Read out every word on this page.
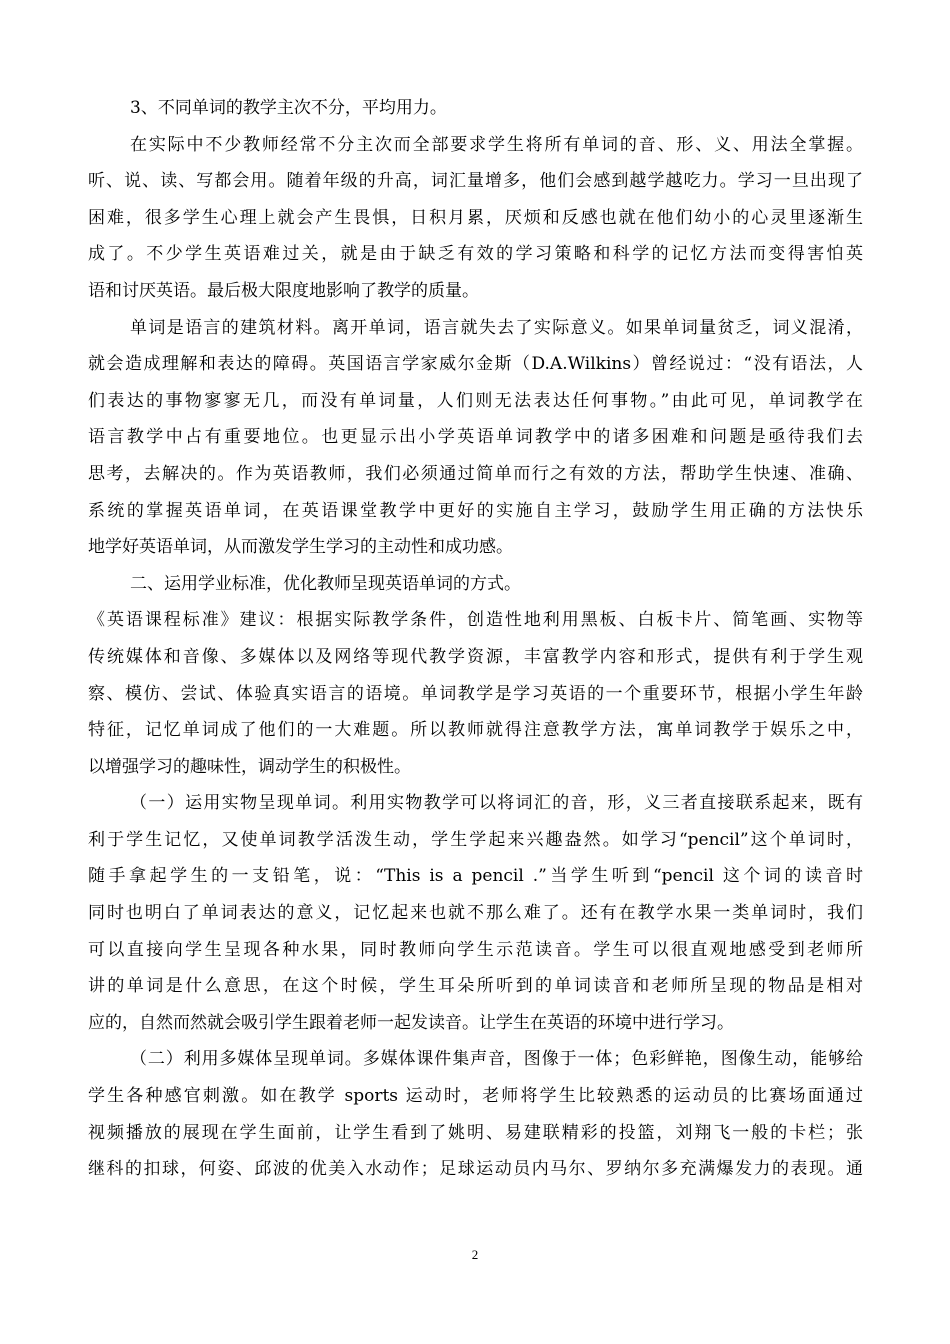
3、不同单词的教学主次不分，平均用力。
在实际中不少教师经常不分主次而全部要求学生将所有单词的音、形、义、用法全掌握。
听、说、读、写都会用。随着年级的升高，词汇量增多，他们会感到越学越吃力。学习一旦出现了
困难，很多学生心理上就会产生畏惧，日积月累，厌烦和反感也就在他们幼小的心灵里逐渐生
成了。不少学生英语难过关，就是由于缺乏有效的学习策略和科学的记忆方法而变得害怕英
语和讨厌英语。最后极大限度地影响了教学的质量。
单词是语言的建筑材料。离开单词，语言就失去了实际意义。如果单词量贫乏，词义混淆，
就会造成理解和表达的障碍。英国语言学家威尔金斯（D.A.Wilkins）曾经说过：“没有语法，人
们表达的事物寥寥无几，而没有单词量，人们则无法表达任何事物。”由此可见，单词教学在
语言教学中占有重要地位。也更显示出小学英语单词教学中的诸多困难和问题是亟待我们去
思考，去解决的。作为英语教师，我们必须通过简单而行之有效的方法，帮助学生快速、准确、
系统的掌握英语单词，在英语课堂教学中更好的实施自主学习，鼓励学生用正确的方法快乐
地学好英语单词，从而激发学生学习的主动性和成功感。
二、运用学业标准，优化教师呈现英语单词的方式。
《英语课程标准》建议：根据实际教学条件，创造性地利用黑板、白板卡片、简笔画、实物等
传统媒体和音像、多媒体以及网络等现代教学资源，丰富教学内容和形式，提供有利于学生观
察、模仿、尝试、体验真实语言的语境。单词教学是学习英语的一个重要环节，根据小学生年龄
特征，记忆单词成了他们的一大难题。所以教师就得注意教学方法，寓单词教学于娱乐之中，
以增强学习的趣味性，调动学生的积极性。
（一）运用实物呈现单词。利用实物教学可以将词汇的音，形，义三者直接联系起来，既有
利于学生记忆，又使单词教学活泼生动，学生学起来兴趣盎然。如学习“pencil”这个单词时，
随手拿起学生的一支铅笔，说：“This is a pencil .”当学生听到“pencil 这个词的读音时
同时也明白了单词表达的意义，记忆起来也就不那么难了。还有在教学水果一类单词时，我们
可以直接向学生呈现各种水果，同时教师向学生示范读音。学生可以很直观地感受到老师所
讲的单词是什么意思，在这个时候，学生耳朵所听到的单词读音和老师所呈现的物品是相对
应的，自然而然就会吸引学生跟着老师一起发读音。让学生在英语的环境中进行学习。
（二）利用多媒体呈现单词。多媒体课件集声音，图像于一体；色彩鲜艳，图像生动，能够给
学生各种感官刺激。如在教学 sports 运动时，老师将学生比较熟悉的运动员的比赛场面通过
视频播放的展现在学生面前，让学生看到了姚明、易建联精彩的投篮，刘翔飞一般的卡栏；张
继科的扣球，何姿、邱波的优美入水动作；足球运动员内马尔、罗纳尔多充满爆发力的表现。通
2
